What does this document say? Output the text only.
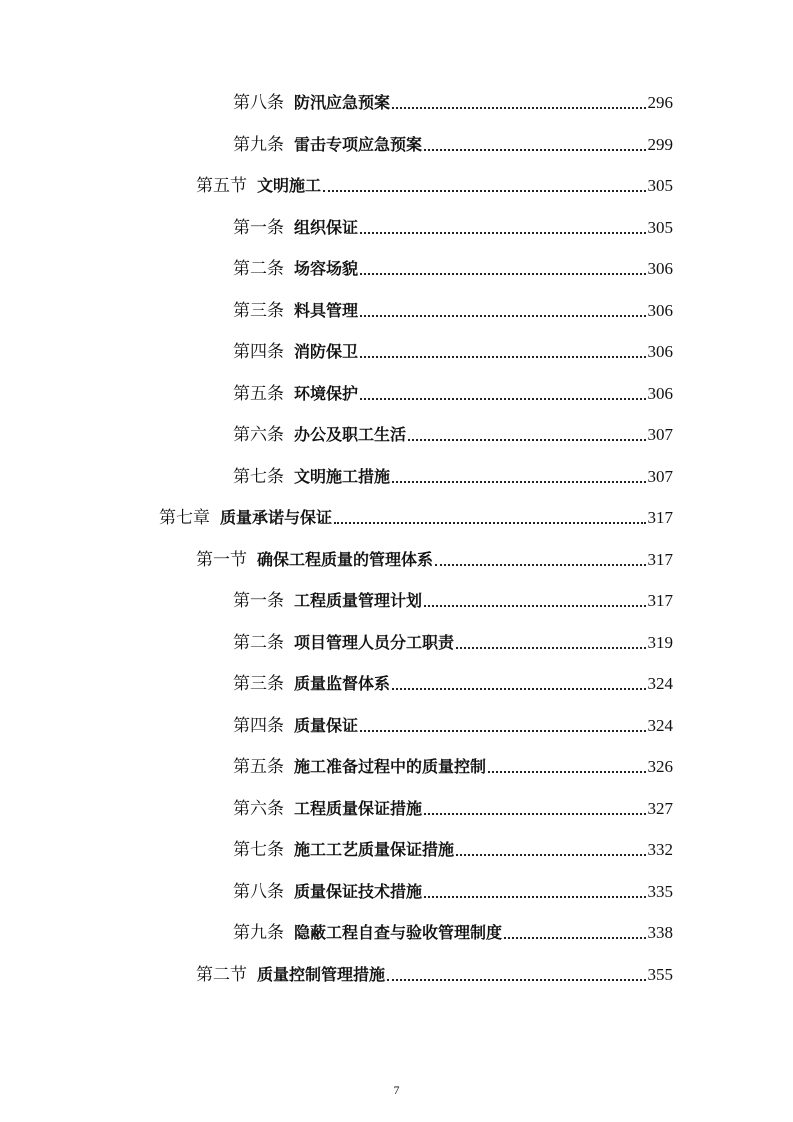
第八条 防汛应急预案	296
第九条 雷击专项应急预案	299
第五节 文明施工	305
第一条 组织保证	305
第二条 场容场貌	306
第三条 料具管理	306
第四条 消防保卫	306
第五条 环境保护	306
第六条 办公及职工生活	307
第七条 文明施工措施	307
第七章 质量承诺与保证	317
第一节 确保工程质量的管理体系	317
第一条 工程质量管理计划	317
第二条 项目管理人员分工职责	319
第三条 质量监督体系	324
第四条 质量保证	324
第五条 施工准备过程中的质量控制	326
第六条 工程质量保证措施	327
第七条 施工工艺质量保证措施	332
第八条 质量保证技术措施	335
第九条 隐蔽工程自查与验收管理制度	338
第二节 质量控制管理措施	355
7
